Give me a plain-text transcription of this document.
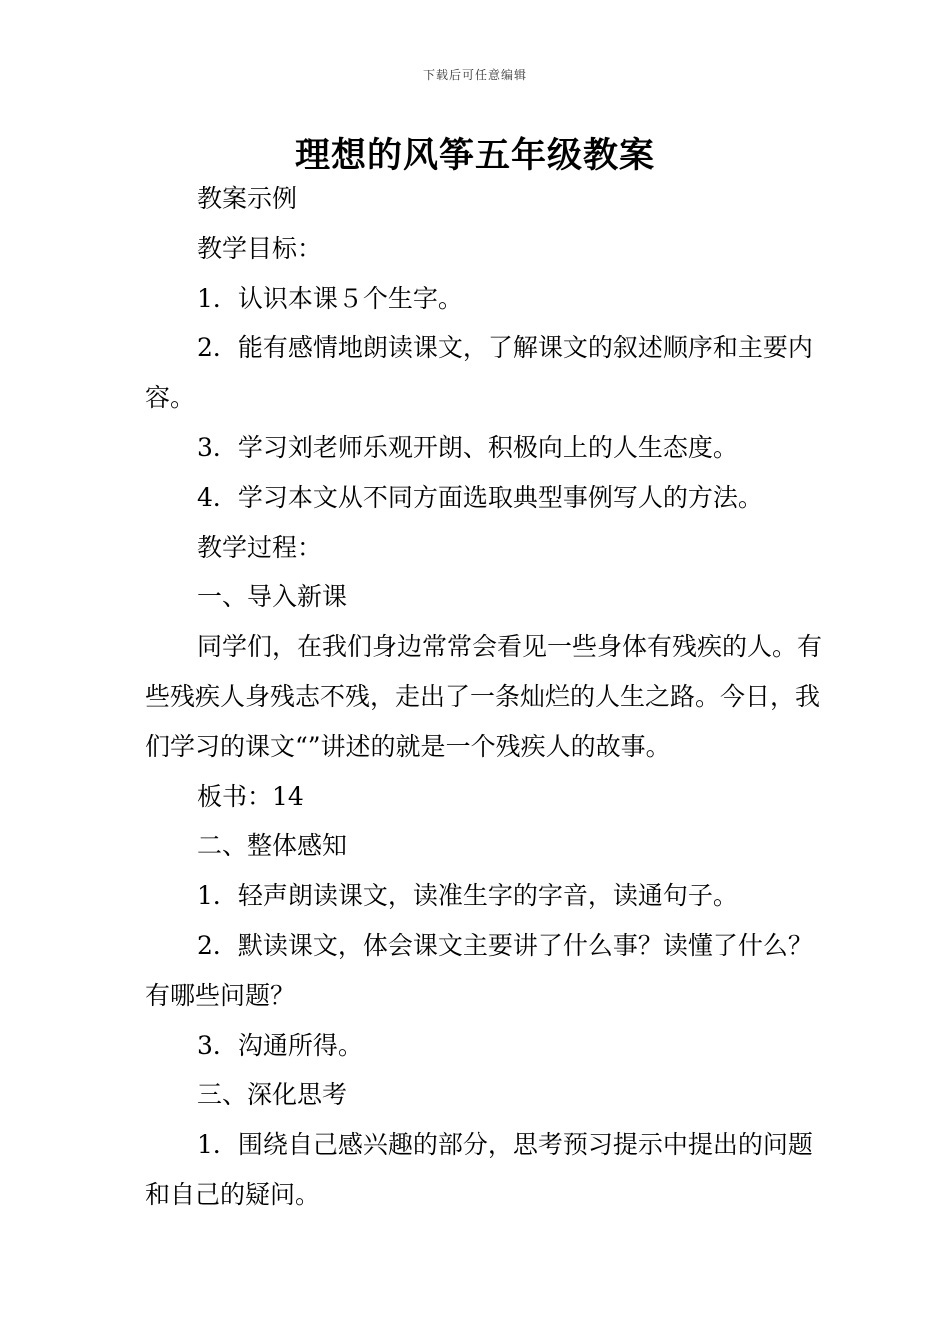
下载后可任意编辑
理想的风筝五年级教案

教案示例

教学目标：

1．认识本课５个生字。

2．能有感情地朗读课文，了解课文的叙述顺序和主要内容。

3．学习刘老师乐观开朗、积极向上的人生态度。

4．学习本文从不同方面选取典型事例写人的方法。

教学过程：

一、导入新课

同学们，在我们身边常常会看见一些身体有残疾的人。有些残疾人身残志不残，走出了一条灿烂的人生之路。今日，我们学习的课文“”讲述的就是一个残疾人的故事。

板书：14

二、整体感知

1．轻声朗读课文，读准生字的字音，读通句子。

2．默读课文，体会课文主要讲了什么事？读懂了什么？有哪些问题？

3．沟通所得。

三、深化思考

1．围绕自己感兴趣的部分，思考预习提示中提出的问题和自己的疑问。
